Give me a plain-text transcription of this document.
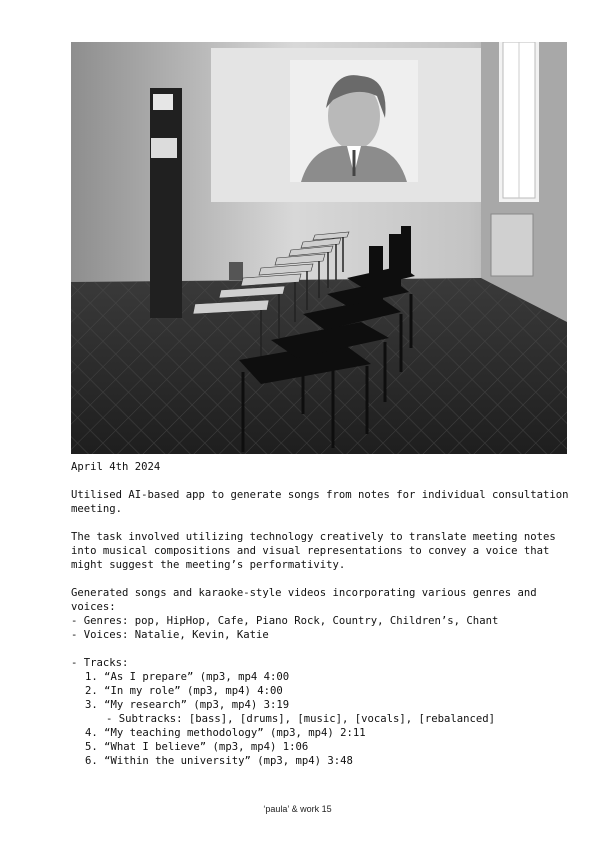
April 4th 2024

Utilised AI-based app to generate songs from notes for individual consultation meeting.

The task involved utilizing technology creatively to translate meeting notes into musical compositions and visual representations to convey a voice that might suggest the meeting’s performativity.

Generated songs and karaoke-style videos incorporating various genres and voices:

- Genres: pop, HipHop, Cafe, Piano Rock, Country, Children’s, Chant

- Voices: Natalie, Kevin, Katie

- Tracks:

1. “As I prepare” (mp3, mp4 4:00

2. “In my role” (mp3, mp4) 4:00

3. “My research” (mp3, mp4) 3:19

- Subtracks: [bass], [drums], [music], [vocals], [rebalanced]

4. “My teaching methodology” (mp3, mp4) 2:11

5. “What I believe” (mp3, mp4) 1:06

6. “Within the university” (mp3, mp4) 3:48

‘paula’ & work 15
